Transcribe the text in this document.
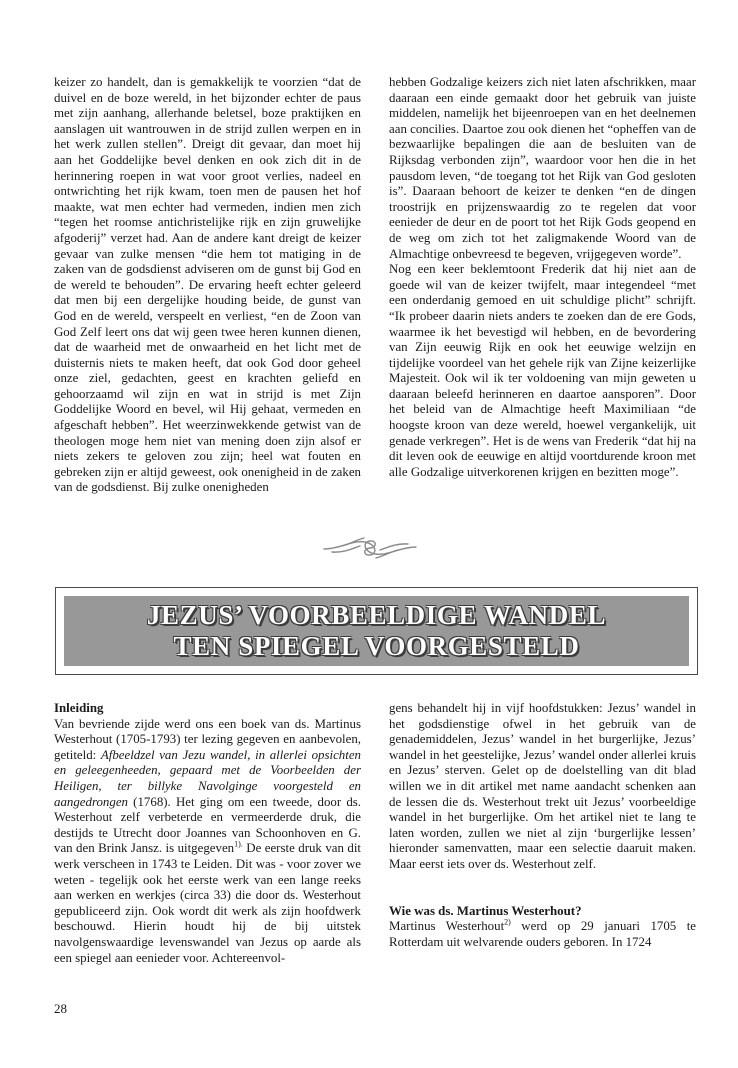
keizer zo handelt, dan is gemakkelijk te voorzien “dat de duivel en de boze wereld, in het bijzonder echter de paus met zijn aanhang, allerhande beletsel, boze praktijken en aanslagen uit wantrouwen in de strijd zullen werpen en in het werk zullen stellen”. Dreigt dit gevaar, dan moet hij aan het Goddelijke bevel denken en ook zich dit in de herinnering roepen in wat voor groot verlies, nadeel en ontwrichting het rijk kwam, toen men de pausen het hof maakte, wat men echter had vermeden, indien men zich “tegen het roomse antichristelijke rijk en zijn gruwelijke afgoderij” verzet had. Aan de andere kant dreigt de keizer gevaar van zulke mensen “die hem tot matiging in de zaken van de godsdienst adviseren om de gunst bij God en de wereld te behouden”. De ervaring heeft echter geleerd dat men bij een dergelijke houding beide, de gunst van God en de wereld, verspeelt en verliest, “en de Zoon van God Zelf leert ons dat wij geen twee heren kunnen dienen, dat de waarheid met de onwaarheid en het licht met de duisternis niets te maken heeft, dat ook God door geheel onze ziel, gedachten, geest en krachten geliefd en gehoorzaamd wil zijn en wat in strijd is met Zijn Goddelijke Woord en bevel, wil Hij gehaat, vermeden en afgeschaft hebben”. Het weerzinwekkende getwist van de theologen moge hem niet van mening doen zijn alsof er niets zekers te geloven zou zijn; heel wat fouten en gebreken zijn er altijd geweest, ook onenigheid in de zaken van de godsdienst. Bij zulke onenigheden

hebben Godzalige keizers zich niet laten afschrikken, maar daaraan een einde gemaakt door het gebruik van juiste middelen, namelijk het bijeenroepen van en het deelnemen aan concilies. Daartoe zou ook dienen het “opheffen van de bezwaarlijke bepalingen die aan de besluiten van de Rijksdag verbonden zijn”, waardoor voor hen die in het pausdom leven, “de toegang tot het Rijk van God gesloten is”. Daaraan behoort de keizer te denken “en de dingen troostrijk en prijzenswaardig zo te regelen dat voor eenieder de deur en de poort tot het Rijk Gods geopend en de weg om zich tot het zaligmakende Woord van de Almachtige onbevreesd te begeven, vrijgegeven worde”.

Nog een keer beklemtoont Frederik dat hij niet aan de goede wil van de keizer twijfelt, maar integendeel “met een onderdanig gemoed en uit schuldige plicht” schrijft. “Ik probeer daarin niets anders te zoeken dan de ere Gods, waarmee ik het bevestigd wil hebben, en de bevordering van Zijn eeuwig Rijk en ook het eeuwige welzijn en tijdelijke voordeel van het gehele rijk van Zijne keizerlijke Majesteit. Ook wil ik ter voldoening van mijn geweten u daaraan beleefd herinneren en daartoe aansporen”. Door het beleid van de Almachtige heeft Maximiliaan “de hoogste kroon van deze wereld, hoewel vergankelijk, uit genade verkregen”. Het is de wens van Frederik “dat hij na dit leven ook de eeuwige en altijd voortdurende kroon met alle Godzalige uitverkorenen krijgen en bezitten moge”.

JEZUS’ VOORBEELDIGE WANDEL
TEN SPIEGEL VOORGESTELD

Inleiding

Van bevriende zijde werd ons een boek van ds. Martinus Westerhout (1705-1793) ter lezing gegeven en aanbevolen, getiteld: Afbeeldzel van Jezu wandel, in allerlei opsichten en geleegenheeden, gepaard met de Voorbeelden der Heiligen, ter billyke Navolginge voorgesteld en aangedrongen (1768). Het ging om een tweede, door ds. Westerhout zelf verbeterde en vermeerderde druk, die destijds te Utrecht door Joannes van Schoonhoven en G. van den Brink Jansz. is uitgegeven$^{1).}$ De eerste druk van dit werk verscheen in 1743 te Leiden. Dit was - voor zover we weten - tegelijk ook het eerste werk van een lange reeks aan werken en werkjes (circa 33) die door ds. Westerhout gepubliceerd zijn. Ook wordt dit werk als zijn hoofdwerk beschouwd. Hierin houdt hij de bij uitstek navolgenswaardige levenswandel van Jezus op aarde als een spiegel aan eenieder voor. Achtereenvol-

gens behandelt hij in vijf hoofdstukken: Jezus’ wandel in het godsdienstige ofwel in het gebruik van de genademiddelen, Jezus’ wandel in het burgerlijke, Jezus’ wandel in het geestelijke, Jezus’ wandel onder allerlei kruis en Jezus’ sterven. Gelet op de doelstelling van dit blad willen we in dit artikel met name aandacht schenken aan de lessen die ds. Westerhout trekt uit Jezus’ voorbeeldige wandel in het burgerlijke. Om het artikel niet te lang te laten worden, zullen we niet al zijn ‘burgerlijke lessen’ hieronder samenvatten, maar een selectie daaruit maken. Maar eerst iets over ds. Westerhout zelf.

Wie was ds. Martinus Westerhout?

Martinus Westerhout$^{2)}$ werd op 29 januari 1705 te Rotterdam uit welvarende ouders geboren. In 1724

28
